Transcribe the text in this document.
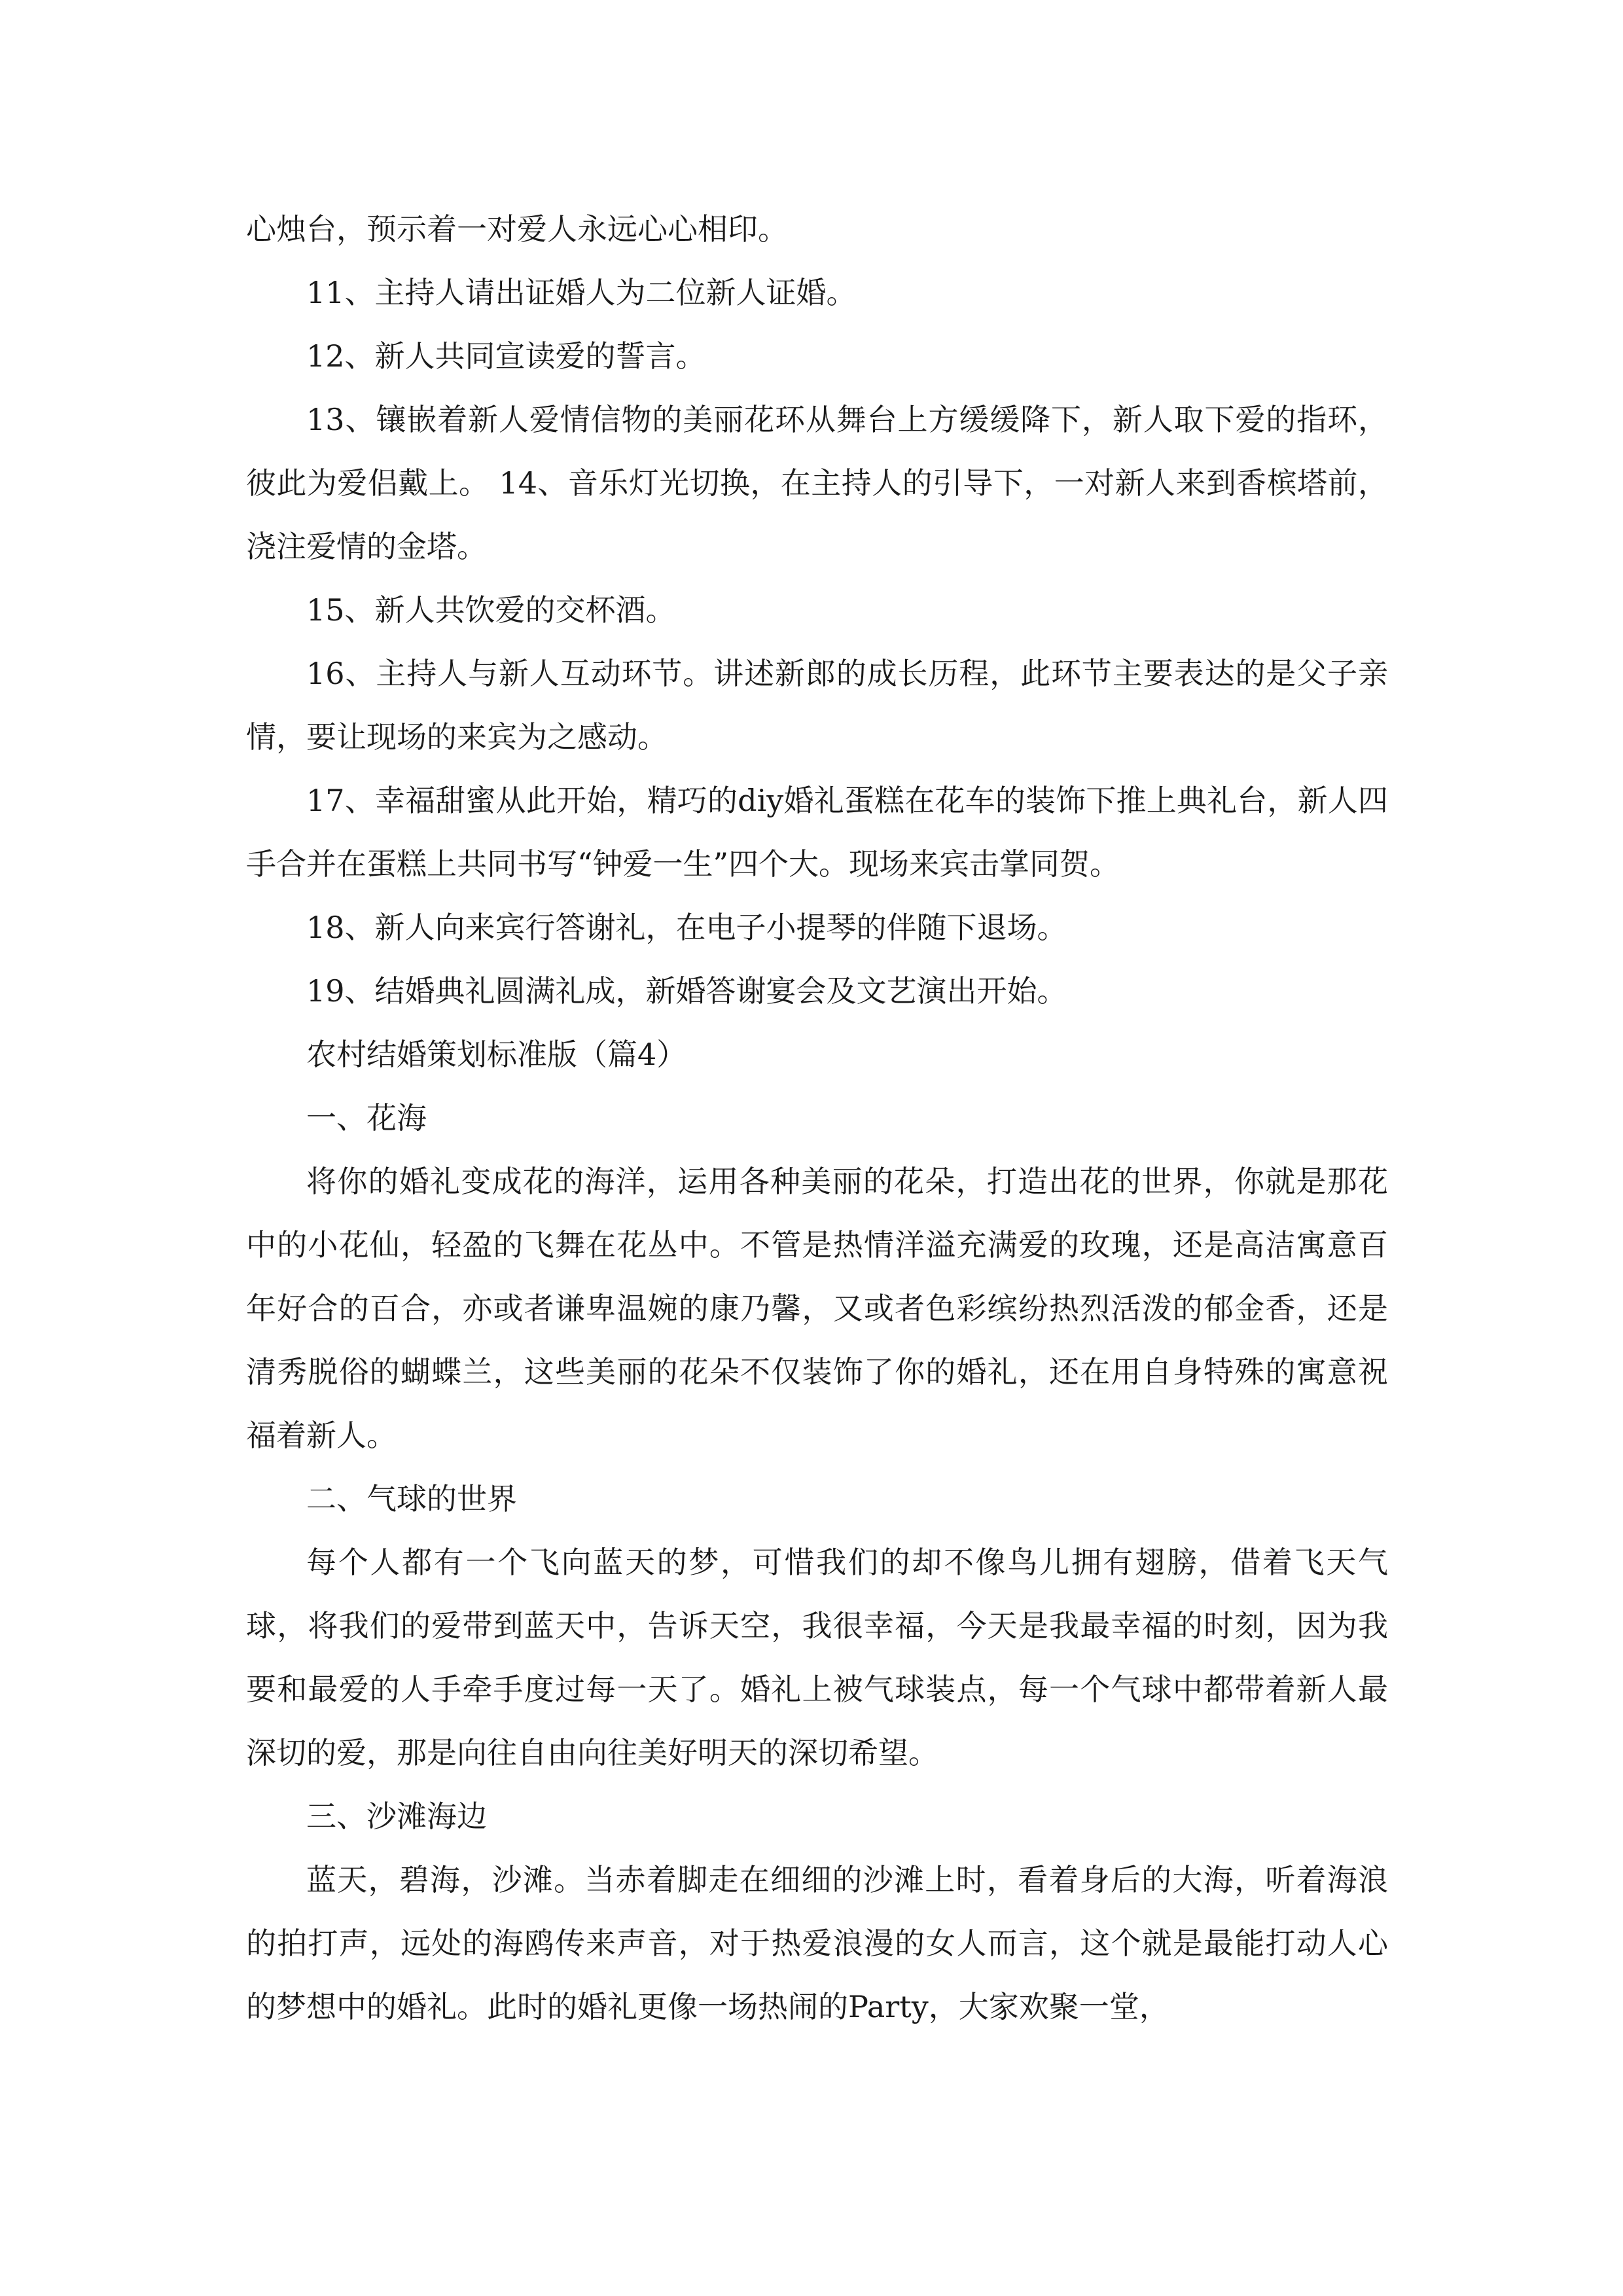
心烛台，预示着一对爱人永远心心相印。

11、主持人请出证婚人为二位新人证婚。

12、新人共同宣读爱的誓言。

13、镶嵌着新人爱情信物的美丽花环从舞台上方缓缓降下，新人取下爱的指环，彼此为爱侣戴上。 14、音乐灯光切换，在主持人的引导下，一对新人来到香槟塔前，浇注爱情的金塔。

15、新人共饮爱的交杯酒。

16、主持人与新人互动环节。讲述新郎的成长历程，此环节主要表达的是父子亲情，要让现场的来宾为之感动。

17、幸福甜蜜从此开始，精巧的diy婚礼蛋糕在花车的装饰下推上典礼台，新人四手合并在蛋糕上共同书写“钟爱一生”四个大。现场来宾击掌同贺。

18、新人向来宾行答谢礼，在电子小提琴的伴随下退场。

19、结婚典礼圆满礼成，新婚答谢宴会及文艺演出开始。

农村结婚策划标准版（篇4）

一、花海

将你的婚礼变成花的海洋，运用各种美丽的花朵，打造出花的世界，你就是那花中的小花仙，轻盈的飞舞在花丛中。不管是热情洋溢充满爱的玫瑰，还是高洁寓意百年好合的百合，亦或者谦卑温婉的康乃馨，又或者色彩缤纷热烈活泼的郁金香，还是清秀脱俗的蝴蝶兰，这些美丽的花朵不仅装饰了你的婚礼，还在用自身特殊的寓意祝福着新人。

二、气球的世界

每个人都有一个飞向蓝天的梦，可惜我们的却不像鸟儿拥有翅膀，借着飞天气球，将我们的爱带到蓝天中，告诉天空，我很幸福，今天是我最幸福的时刻，因为我要和最爱的人手牵手度过每一天了。婚礼上被气球装点，每一个气球中都带着新人最深切的爱，那是向往自由向往美好明天的深切希望。

三、沙滩海边

蓝天，碧海，沙滩。当赤着脚走在细细的沙滩上时，看着身后的大海，听着海浪的拍打声，远处的海鸥传来声音，对于热爱浪漫的女人而言，这个就是最能打动人心的梦想中的婚礼。此时的婚礼更像一场热闹的Party，大家欢聚一堂，
